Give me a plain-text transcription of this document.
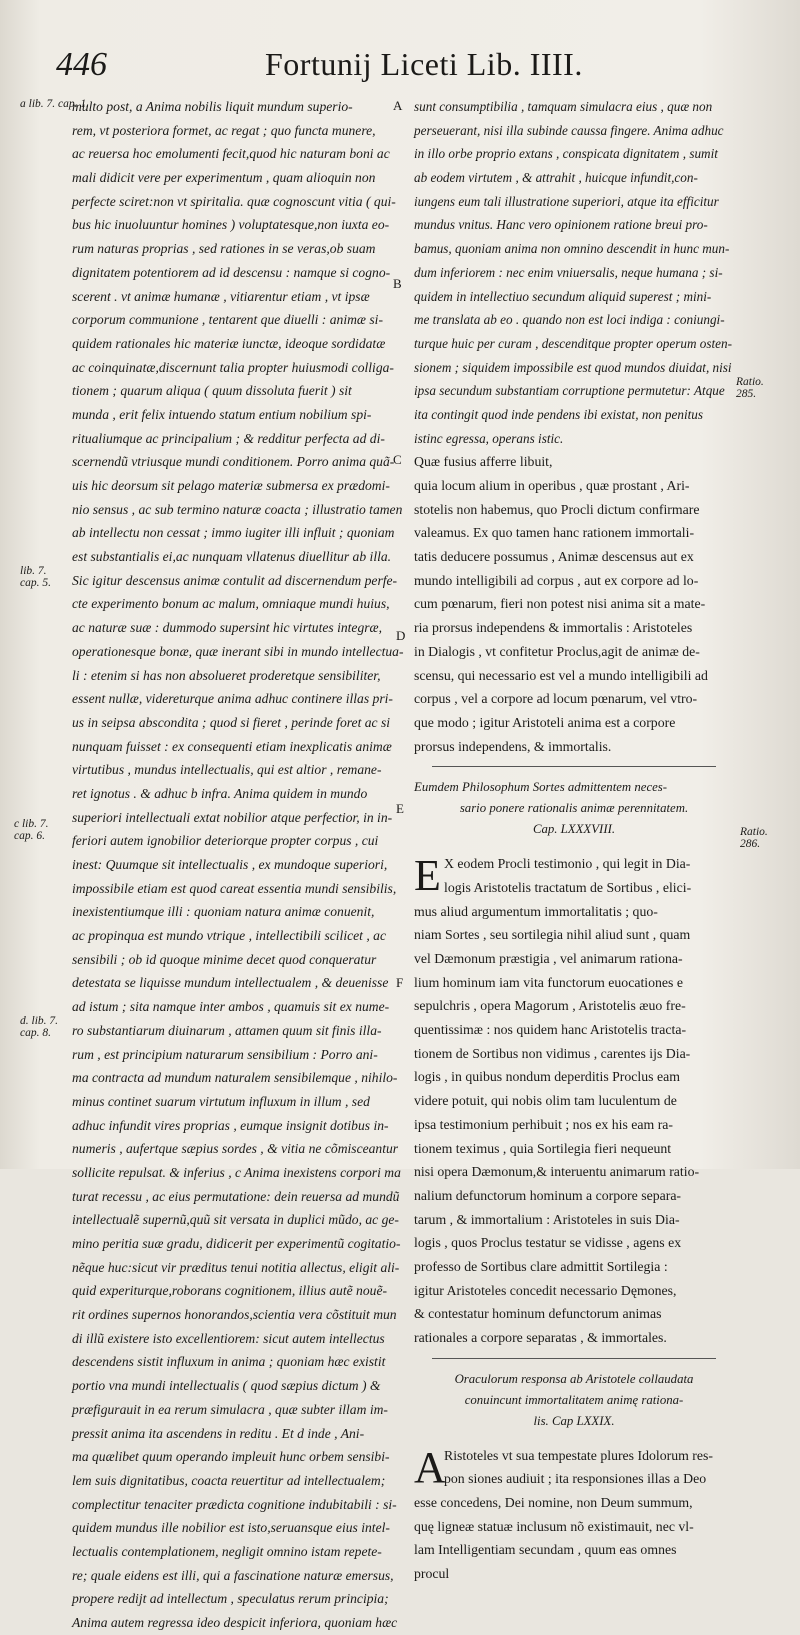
446	Fortunij Liceti Lib. IIII.
a lib. 7. cap. 1.
lib. 7. cap. 5.
c lib. 7. cap. 6.
d. lib. 7. cap. 8.
Ratio. 285.
Ratio. 286.
A
B
C
D
E
F
multo post, a Anima nobilis liquit mundum superio-
rem, vt posteriora formet, ac regat ; quo functa munere,
ac reuersa hoc emolumenti fecit,quod hic naturam boni ac
mali didicit vere per experimentum , quam alioquin non
perfecte sciret:non vt spiritalia. quæ cognoscunt vitia ( qui-
bus hic inuoluuntur homines ) voluptatesque,non iuxta eo-
rum naturas proprias , sed rationes in se veras,ob suam
dignitatem potentiorem ad id descensu : namque si cogno-
scerent . vt animæ humanæ , vitiarentur etiam , vt ipsæ
corporum communione , tentarent que diuelli : animæ si-
quidem rationales hic materiæ iunctæ, ideoque sordidatæ
ac coinquinatæ,discernunt talia propter huiusmodi colliga-
tionem ; quarum aliqua ( quum dissoluta fuerit ) sit
munda , erit felix intuendo statum entium nobilium spi-
ritualiumque ac principalium ; & redditur perfecta ad di-
scernendũ vtriusque mundi conditionem. Porro anima quã-
uis hic deorsum sit pelago materiæ submersa ex prædomi-
nio sensus , ac sub termino naturæ coacta ; illustratio tamen
ab intellectu non cessat ; immo iugiter illi influit ; quoniam
est substantialis ei,ac nunquam vllatenus diuellitur ab illa.
Sic igitur descensus animæ contulit ad discernendum perfe-
cte experimento bonum ac malum, omniaque mundi huius,
ac naturæ suæ : dummodo supersint hic virtutes integræ,
operationesque bonæ, quæ inerant sibi in mundo intellectua-
li : etenim si has non absolueret proderetque sensibiliter,
essent nullæ, videreturque anima adhuc continere illas pri-
us in seipsa abscondita ; quod si fieret , perinde foret ac si
nunquam fuisset : ex consequenti etiam inexplicatis animæ
virtutibus , mundus intellectualis, qui est altior , remane-
ret ignotus . & adhuc b infra. Anima quidem in mundo
superiori intellectuali extat nobilior atque perfectior, in in-
feriori autem ignobilior deteriorque propter corpus , cui
inest: Quumque sit intellectualis , ex mundoque superiori,
impossibile etiam est quod careat essentia mundi sensibilis,
inexistentiumque illi : quoniam natura animæ conuenit,
ac propinqua est mundo vtrique , intellectibili scilicet , ac
sensibili ; ob id quoque minime decet quod conqueratur
detestata se liquisse mundum intellectualem , & deuenisse
ad istum ; sita namque inter ambos , quamuis sit ex nume-
ro substantiarum diuinarum , attamen quum sit finis illa-
rum , est principium naturarum sensibilium : Porro ani-
ma contracta ad mundum naturalem sensibilemque , nihilo-
minus continet suarum virtutum influxum in illum , sed
adhuc infundit vires proprias , eumque insignit dotibus in-
numeris , aufertque sæpius sordes , & vitia ne cõmisceantur
sollicite repulsat. & inferius , c Anima inexistens corpori ma
turat recessu , ac eius permutatione: dein reuersa ad mundũ
intellectualẽ supernũ,quũ sit versata in duplici mũdo, ac ge-
mino peritia suæ gradu, didicerit per experimentũ cogitatio-
nẽque huc:sicut vir præditus tenui notitia allectus, eligit ali-
quid experiturque,roborans cognitionem, illius autẽ nouẽ-
rit ordines supernos honorandos,scientia vera cõstituit mun
di illũ existere isto excellentiorem: sicut autem intellectus
descendens sistit influxum in anima ; quoniam hæc existit
portio vna mundi intellectualis ( quod sæpius dictum ) &
præfigurauit in ea rerum simulacra , quæ subter illam im-
pressit anima ita ascendens in reditu . Et d inde , Ani-
ma quælibet quum operando impleuit hunc orbem sensibi-
lem suis dignitatibus, coacta reuertitur ad intellectualem;
complectitur tenaciter prædicta cognitione indubitabili : si-
quidem mundus ille nobilior est isto,seruansque eius intel-
lectualis contemplationem, negligit omnino istam repete-
re; quale eidens est illi, qui a fascinatione naturæ emersus,
propere redijt ad intellectum , speculatus rerum principia;
Anima autem regressa ideo despicit inferiora, quoniam hæc
sunt consumptibilia , tamquam simulacra eius , quæ non
perseuerant, nisi illa subinde caussa fingere. Anima adhuc
in illo orbe proprio extans , conspicata dignitatem , sumit
ab eodem virtutem , & attrahit , huicque infundit,con-
iungens eum tali illustratione superiori, atque ita efficitur
mundus vnitus. Hanc vero opinionem ratione breui pro-
bamus, quoniam anima non omnino descendit in hunc mun-
dum inferiorem : nec enim vniuersalis, neque humana ; si-
quidem in intellectiuo secundum aliquid superest ; mini-
me translata ab eo . quando non est loci indiga : coniungi-
turque huic per curam , descenditque propter operum osten-
sionem ; siquidem impossibile est quod mundos diuidat, nisi
ipsa secundum substantiam corruptione permutetur: Atque
ita contingit quod inde pendens ibi existat, non penitus
istinc egressa, operans istic.
Quæ fusius afferre libuit,
quia locum alium in operibus , quæ prostant , Ari-
stotelis non habemus, quo Procli dictum confirmare
valeamus. Ex quo tamen hanc rationem immortali-
tatis deducere possumus , Animæ descensus aut ex
mundo intelligibili ad corpus , aut ex corpore ad lo-
cum pœnarum, fieri non potest nisi anima sit a mate-
ria prorsus independens & immortalis : Aristoteles
in Dialogis , vt confitetur Proclus,agit de animæ de-
scensu, qui necessario est vel a mundo intelligibili ad
corpus , vel a corpore ad locum pœnarum, vel vtro-
que modo ; igitur Aristoteli anima est a corpore
prorsus independens, & immortalis.
Eumdem Philosophum Sortes admittentem neces-
sario ponere rationalis animæ perennitatem.
Cap. LXXXVIII.
E X eodem Procli testimonio , qui legit in Dia-
logis Aristotelis tractatum de Sortibus , elici-
mus aliud argumentum immortalitatis ; quo-
niam Sortes , seu sortilegia nihil aliud sunt , quam
vel Dæmonum præstigia , vel animarum rationa-
lium hominum iam vita functorum euocationes e
sepulchris , opera Magorum , Aristotelis æuo fre-
quentissimæ : nos quidem hanc Aristotelis tracta-
tionem de Sortibus non vidimus , carentes ijs Dia-
logis , in quibus nondum deperditis Proclus eam
videre potuit, qui nobis olim tam luculentum de
ipsa testimonium perhibuit ; nos ex his eam ra-
tionem teximus , quia Sortilegia fieri nequeunt
nisi opera Dæmonum,& interuentu animarum ratio-
nalium defunctorum hominum a corpore separa-
tarum , & immortalium : Aristoteles in suis Dia-
logis , quos Proclus testatur se vidisse , agens ex
professo de Sortibus clare admittit Sortilegia :
igitur Aristoteles concedit necessario Dęmones,
& contestatur hominum defunctorum animas
rationales a corpore separatas , & immortales.
Oraculorum responsa ab Aristotele collaudata
conuincunt immortalitatem animę rationa-
lis. Cap LXXIX.
A
Ristoteles vt sua tempestate plures Idolorum res-
pon siones audiuit ; ita responsiones illas a Deo
esse concedens, Dei nomine, non Deum summum,
quę ligneæ statuæ inclusum nõ existimauit, nec vl-
lam Intelligentiam secundam , quum eas omnes
procul
